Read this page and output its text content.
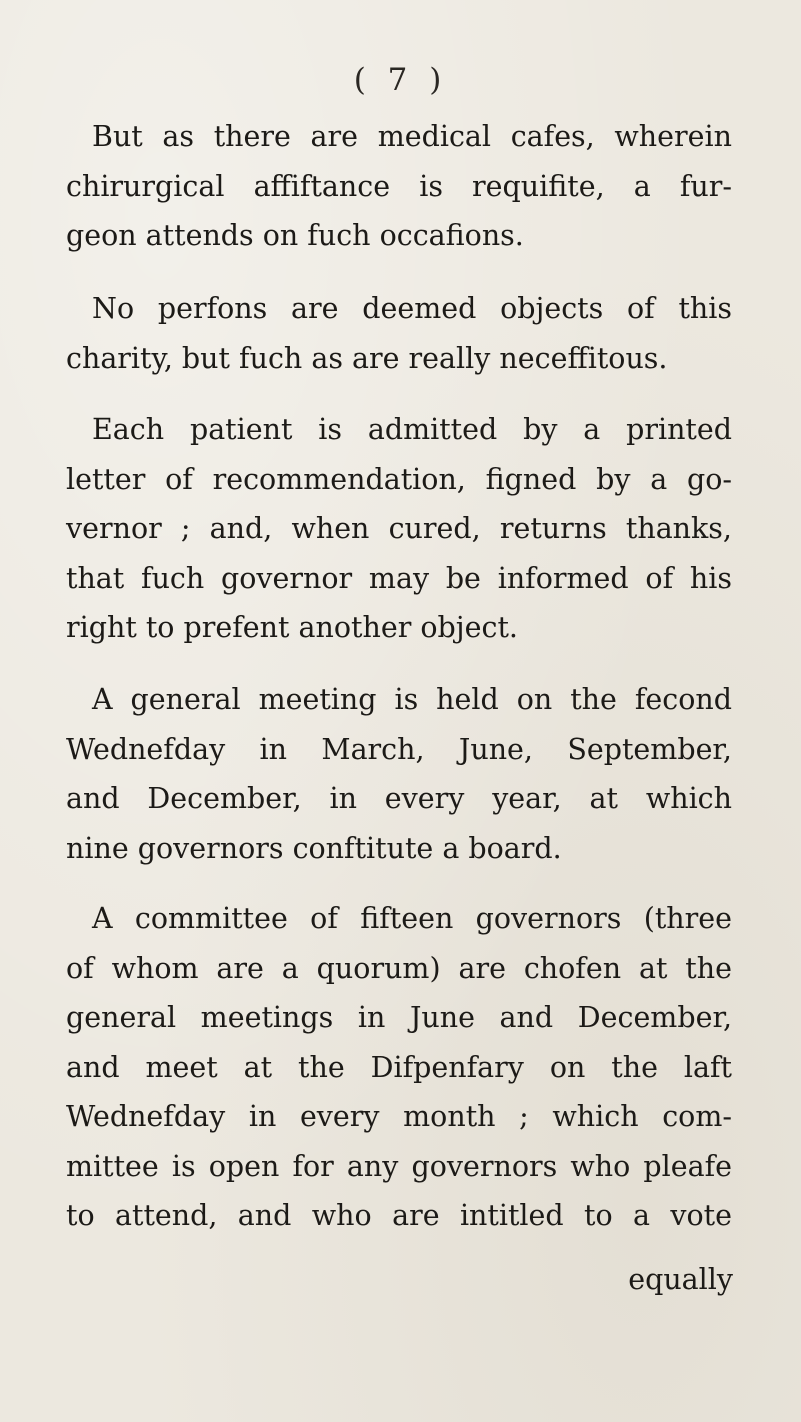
( 7 )
But as there are medical cafes, wherein
chirurgical affiftance is requifite, a fur-
geon attends on fuch occafions.
No perfons are deemed objects of this
charity, but fuch as are really neceffitous.
Each patient is admitted by a printed
letter of recommendation, figned by a go-
vernor ; and, when cured, returns thanks,
that fuch governor may be informed of his
right to prefent another object.
A general meeting is held on the fecond
Wednefday in March, June, September,
and December, in every year, at which
nine governors conftitute a board.
A committee of fifteen governors (three
of whom are a quorum) are chofen at the
general meetings in June and December,
and meet at the Difpenfary on the laft
Wednefday in every month ; which com-
mittee is open for any governors who pleafe
to attend, and who are intitled to a vote
equally
